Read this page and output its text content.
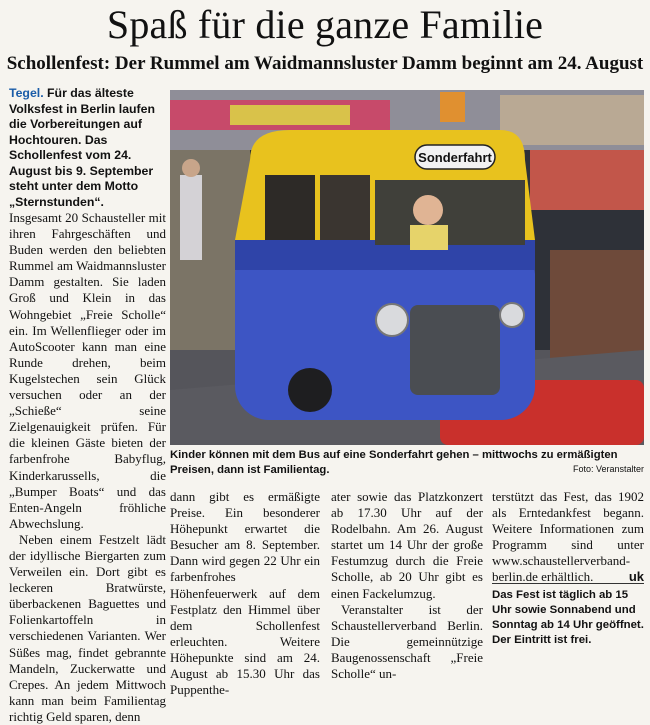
Spaß für die ganze Familie
Schollenfest: Der Rummel am Waidmannsluster Damm beginnt am 24. August
Tegel. Für das älteste Volksfest in Berlin laufen die Vorbereitungen auf Hochtouren. Das Schollenfest vom 24. August bis 9. September steht unter dem Motto „Sternstunden“.

Insgesamt 20 Schausteller mit ihren Fahrgeschäften und Buden werden den beliebten Rummel am Waidmannsluster Damm gestalten. Sie laden Groß und Klein in das Wohngebiet „Freie Scholle“ ein. Im Wellenflieger oder im AutoScooter kann man eine Runde drehen, beim Kugelstechen sein Glück versuchen oder an der „Schieße“ seine Zielgenauigkeit prüfen. Für die kleinen Gäste bieten der farbenfrohe Babyflug, Kinderkarussells, die „Bumper Boats“ und das Enten-Angeln fröhliche Abwechslung.

Neben einem Festzelt lädt der idyllische Biergarten zum Verweilen ein. Dort gibt es leckeren Bratwürste, überbackenen Baguettes und Folienkartoffeln in verschiedenen Varianten. Wer Süßes mag, findet gebrannte Mandeln, Zuckerwatte und Crepes. An jedem Mittwoch kann man beim Familientag richtig Geld sparen, denn

Sonderfahrt
Kinder können mit dem Bus auf eine Sonderfahrt gehen – mittwochs zu ermäßigten Preisen, dann ist Familientag.	Foto: Veranstalter

dann gibt es ermäßigte Preise. Ein besonderer Höhepunkt erwartet die Besucher am 8. September. Dann wird gegen 22 Uhr ein farbenfrohes Höhenfeuerwerk auf dem Festplatz den Himmel über dem Schollenfest erleuchten. Weitere Höhepunkte sind am 24. August ab 15.30 Uhr das Puppenthe-

ater sowie das Platzkonzert ab 17.30 Uhr auf der Rodelbahn. Am 26. August startet um 14 Uhr der große Festumzug durch die Freie Scholle, ab 20 Uhr gibt es einen Fackelumzug.

Veranstalter ist der Schaustellerverband Berlin. Die gemeinnützige Baugenossenschaft „Freie Scholle“ un-

terstützt das Fest, das 1902 als Erntedankfest begann. Weitere Informationen zum Programm sind unter www.schaustellerverband-berlin.de erhältlich.	uk

Das Fest ist täglich ab 15 Uhr sowie Sonnabend und Sonntag ab 14 Uhr geöffnet. Der Eintritt ist frei.
